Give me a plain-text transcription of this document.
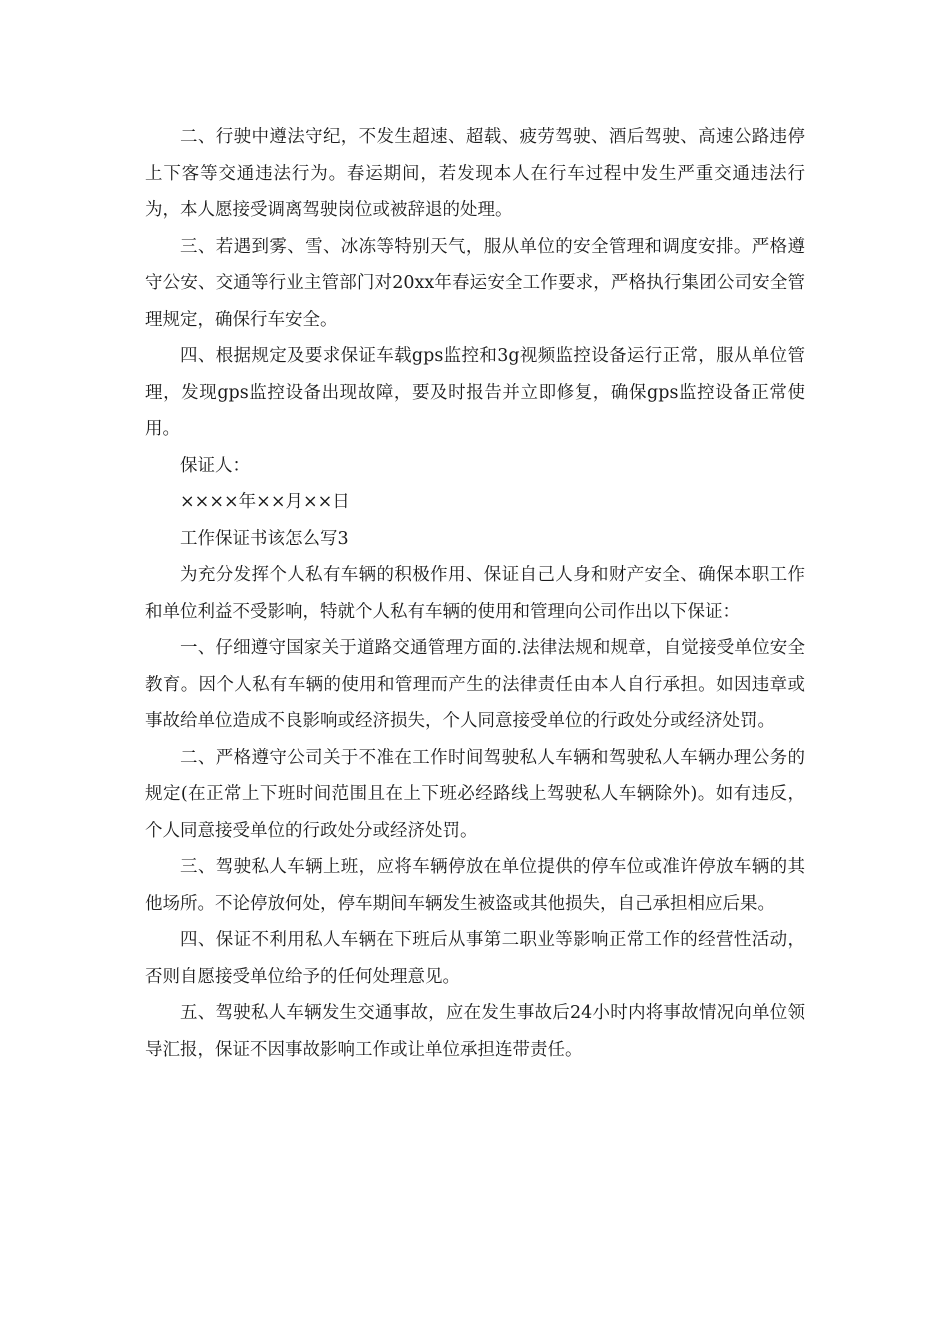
二、行驶中遵法守纪，不发生超速、超载、疲劳驾驶、酒后驾驶、高速公路违停上下客等交通违法行为。春运期间，若发现本人在行车过程中发生严重交通违法行为，本人愿接受调离驾驶岗位或被辞退的处理。

三、若遇到雾、雪、冰冻等特别天气，服从单位的安全管理和调度安排。严格遵守公安、交通等行业主管部门对20xx年春运安全工作要求，严格执行集团公司安全管理规定，确保行车安全。

四、根据规定及要求保证车载gps监控和3g视频监控设备运行正常，服从单位管理，发现gps监控设备出现故障，要及时报告并立即修复，确保gps监控设备正常使用。

保证人：

××××年××月××日

工作保证书该怎么写3

为充分发挥个人私有车辆的积极作用、保证自己人身和财产安全、确保本职工作和单位利益不受影响，特就个人私有车辆的使用和管理向公司作出以下保证：

一、仔细遵守国家关于道路交通管理方面的.法律法规和规章，自觉接受单位安全教育。因个人私有车辆的使用和管理而产生的法律责任由本人自行承担。如因违章或事故给单位造成不良影响或经济损失，个人同意接受单位的行政处分或经济处罚。

二、严格遵守公司关于不准在工作时间驾驶私人车辆和驾驶私人车辆办理公务的规定(在正常上下班时间范围且在上下班必经路线上驾驶私人车辆除外)。如有违反，个人同意接受单位的行政处分或经济处罚。

三、驾驶私人车辆上班，应将车辆停放在单位提供的停车位或准许停放车辆的其他场所。不论停放何处，停车期间车辆发生被盗或其他损失，自己承担相应后果。

四、保证不利用私人车辆在下班后从事第二职业等影响正常工作的经营性活动，否则自愿接受单位给予的任何处理意见。

五、驾驶私人车辆发生交通事故，应在发生事故后24小时内将事故情况向单位领导汇报，保证不因事故影响工作或让单位承担连带责任。
